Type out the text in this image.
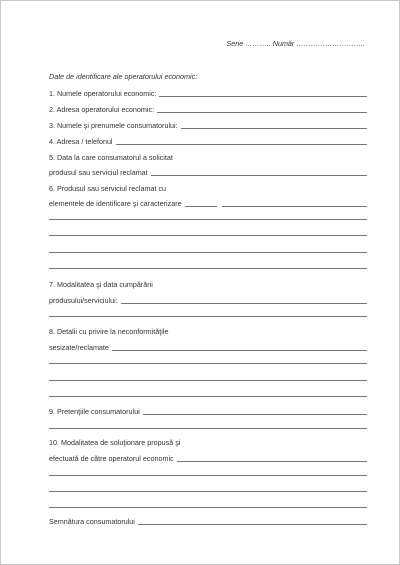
Serie ……….. Număr ………………………..
Date de identificare ale operatorului economic:
1. Numele operatorului economic:
2. Adresa operatorului economic:
3. Numele şi prenumele consumatorului:
4. Adresa / telefonul
5. Data la care consumatorul a solicitat
produsul sau serviciul reclamat
6. Produsul sau serviciul reclamat cu
elementele de identificare şi caracterizare
7. Modalitatea şi data cumpărării
produsului/serviciului:
8. Detalii cu privire la neconformităţile
sesizate/reclamate
9. Pretenţiile consumatorului
10. Modalitatea de soluţionare propusă şi
efectuată de către operatorul economic
Semnătura consumatorului
